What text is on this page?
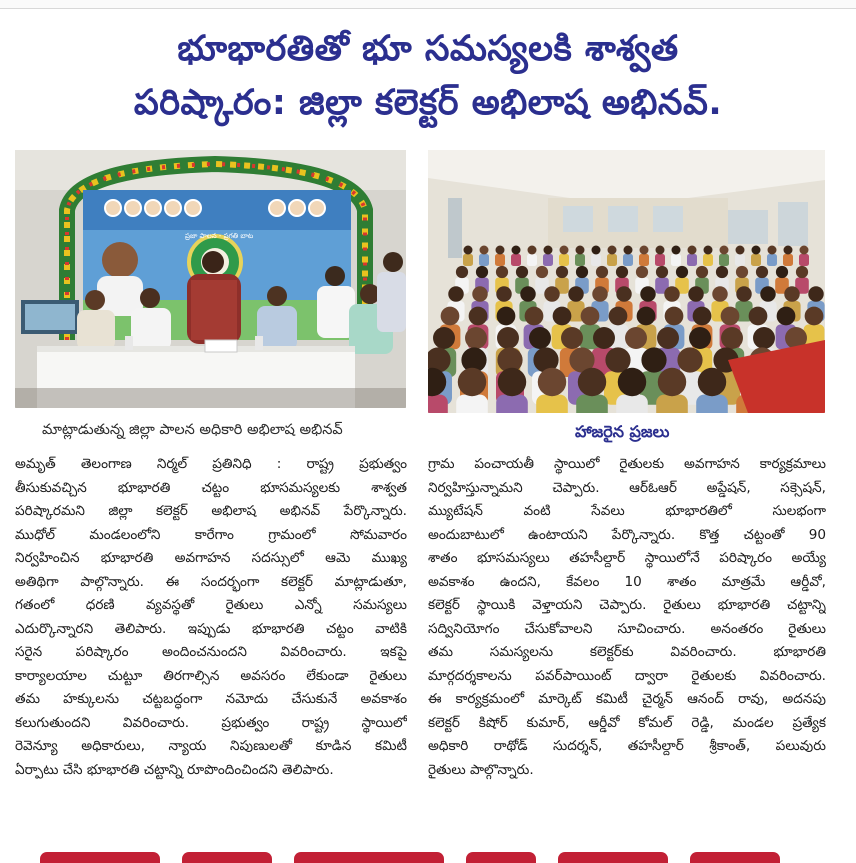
భూభారతితో భూ సమస్యలకి శాశ్వత
పరిష్కారం: జిల్లా కలెక్టర్ అభిలాష అభినవ్.
ప్రజా పాలన - ప్రగతి బాట
మాట్లాడుతున్న జిల్లా పాలన అధికారి అభిలాష అభినవ్	హాజరైన ప్రజలు
అమృత్ తెలంగాణ నిర్మల్ ప్రతినిధి : రాష్ట్ర ప్రభుత్వం
తీసుకువచ్చిన భూభారతి చట్టం భూసమస్యలకు శాశ్వత
పరిష్కారమని జిల్లా కలెక్టర్ అభిలాష అభినవ్ పేర్కొన్నారు.
ముధోల్ మండలంలోని కారేగాం గ్రామంలో సోమవారం
నిర్వహించిన భూభారతి అవగాహన సదస్సులో ఆమె ముఖ్య
అతిథిగా పాల్గొన్నారు. ఈ సందర్భంగా కలెక్టర్ మాట్లాడుతూ,
గతంలో ధరణి వ్యవస్థతో రైతులు ఎన్నో సమస్యలు
ఎదుర్కొన్నారని తెలిపారు. ఇప్పుడు భూభారతి చట్టం వాటికి
సరైన పరిష్కారం అందించనుందని వివరించారు. ఇకపై
కార్యాలయాల చుట్టూ తిరగాల్సిన అవసరం లేకుండా రైతులు
తమ హక్కులను చట్టబద్ధంగా నమోదు చేసుకునే అవకాశం
కలుగుతుందని వివరించారు. ప్రభుత్వం రాష్ట్ర స్థాయిలో
రెవెన్యూ అధికారులు, న్యాయ నిపుణులతో కూడిన కమిటీ
ఏర్పాటు చేసి భూభారతి చట్టాన్ని రూపొందించిందని తెలిపారు.
గ్రామ పంచాయతీ స్థాయిలో రైతులకు అవగాహన కార్యక్రమాలు
నిర్వహిస్తున్నామని చెప్పారు. ఆర్ఓఆర్ అప్డేషన్, సక్సెషన్,
మ్యుటేషన్ వంటి సేవలు భూభారతిలో సులభంగా
అందుబాటులో ఉంటాయని పేర్కొన్నారు. కొత్త చట్టంతో 90
శాతం భూసమస్యలు తహసీల్దార్ స్థాయిలోనే పరిష్కారం అయ్యే
అవకాశం ఉందని, కేవలం 10 శాతం మాత్రమే ఆర్డీవో,
కలెక్టర్ స్థాయికి వెళ్తాయని చెప్పారు. రైతులు భూభారతి చట్టాన్ని
సద్వినియోగం చేసుకోవాలని సూచించారు. అనంతరం రైతులు
తమ సమస్యలను కలెక్టర్‌కు వివరించారు. భూభారతి
మార్గదర్శకాలను పవర్‌పాయింట్ ద్వారా రైతులకు వివరించారు.
ఈ కార్యక్రమంలో మార్కెట్ కమిటీ చైర్మన్ ఆనంద్ రావు, అదనపు
కలెక్టర్ కిషోర్ కుమార్, ఆర్డీవో కోమల్ రెడ్డి, మండల ప్రత్యేక
అధికారి రాథోడ్ సుదర్శన్, తహసీల్దార్ శ్రీకాంత్, పలువురు
రైతులు పాల్గొన్నారు.
